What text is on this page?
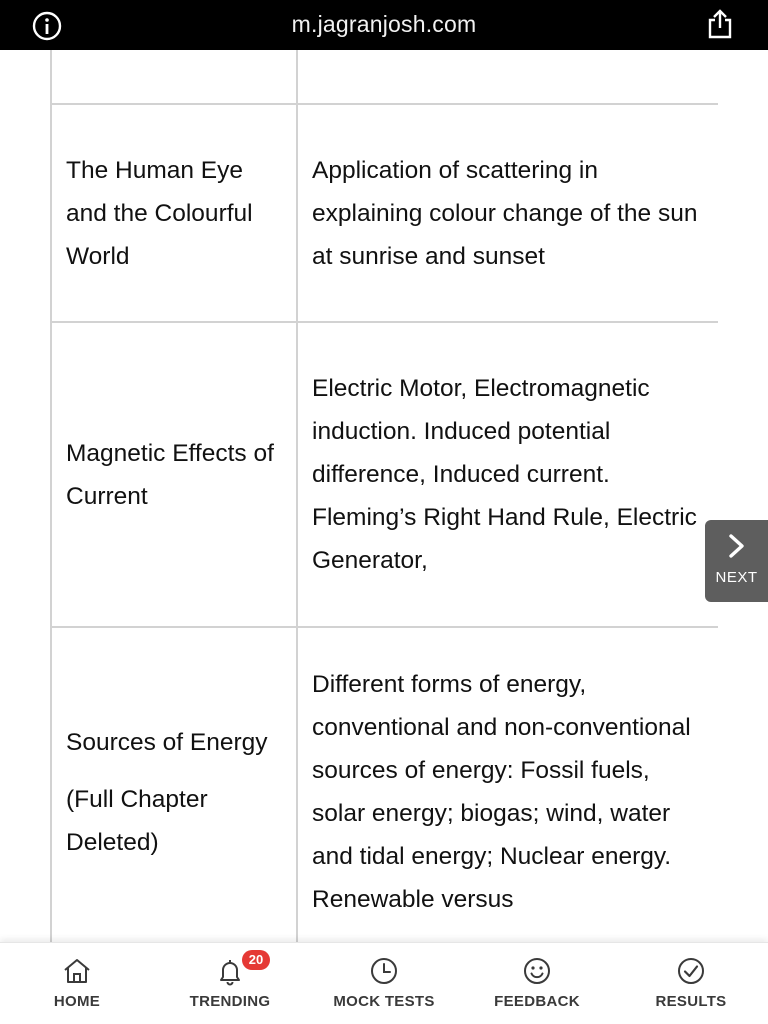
m.jagranjosh.com

The Human Eye and the Colourful World	Application of scattering in explaining colour change of the sun at sunrise and sunset
Magnetic Effects of Current	Electric Motor, Electromagnetic induction. Induced potential difference, Induced current. Fleming’s Right Hand Rule, Electric Generator,

Sources of Energy
(Full Chapter Deleted)	Different forms of energy, conventional and non-conventional sources of energy: Fossil fuels, solar energy; biogas; wind, water and tidal energy; Nuclear energy. Renewable versus
NEXT
HOME
20
TRENDING	MOCK TESTS	FEEDBACK	RESULTS
